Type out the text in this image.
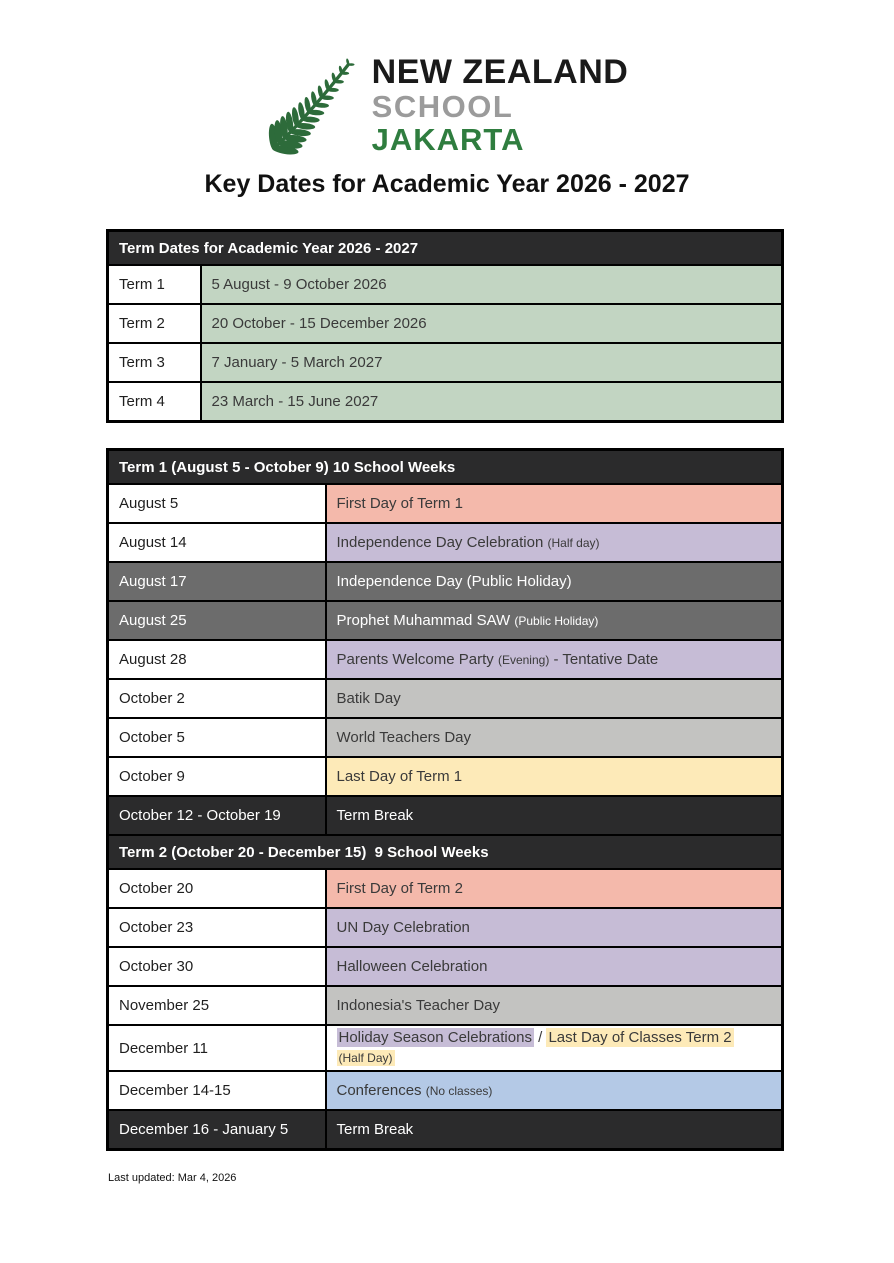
NEW ZEALAND
SCHOOL
JAKARTA
Key Dates for Academic Year 2026 - 2027
Term Dates for Academic Year 2026 - 2027	
Term 1	5 August - 9 October 2026
Term 2	20 October - 15 December 2026
Term 3	7 January - 5 March 2027
Term 4	23 March - 15 June 2027
Term 1 (August 5 - October 9) 10 School Weeks	
August 5	First Day of Term 1
August 14	Independence Day Celebration (Half day)
August 17	Independence Day (Public Holiday)
August 25	Prophet Muhammad SAW (Public Holiday)
August 28	Parents Welcome Party (Evening) - Tentative Date
October 2	Batik Day
October 5	World Teachers Day
October 9	Last Day of Term 1
October 12 - October 19	Term Break
Term 2 (October 20 - December 15)  9 School Weeks	
October 20	First Day of Term 2
October 23	UN Day Celebration
October 30	Halloween Celebration
November 25	Indonesia's Teacher Day
December 11	Holiday Season Celebrations / Last Day of Classes Term 2
(Half Day)
December 14-15	Conferences (No classes)
December 16 - January 5	Term Break
Last updated: Mar 4, 2026
